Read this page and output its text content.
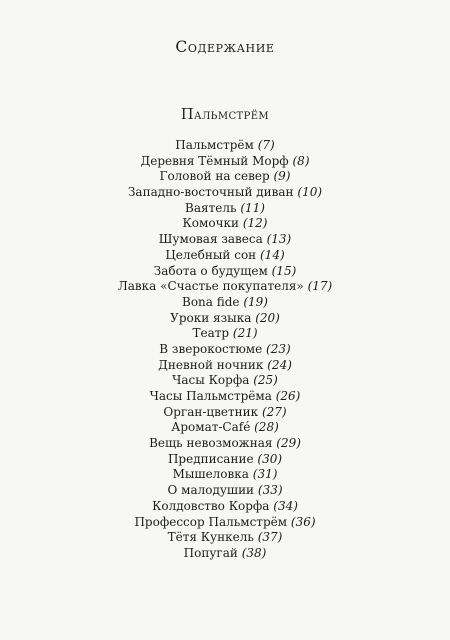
Содержание
Пальмстрём
Пальмстрём (7)
Деревня Тёмный Морф (8)
Головой на север (9)
Западно-восточный диван (10)
Ваятель (11)
Комочки (12)
Шумовая завеса (13)
Целебный сон (14)
Забота о будущем (15)
Лавка «Счастье покупателя» (17)
Bona fide (19)
Уроки языка (20)
Театр (21)
В зверокостюме (23)
Дневной ночник (24)
Часы Корфа (25)
Часы Пальмстрёма (26)
Орган-цветник (27)
Аромат-Café (28)
Вещь невозможная (29)
Предписание (30)
Мышеловка (31)
О малодушии (33)
Колдовство Корфа (34)
Профессор Пальмстрём (36)
Тётя Кункель (37)
Попугай (38)
